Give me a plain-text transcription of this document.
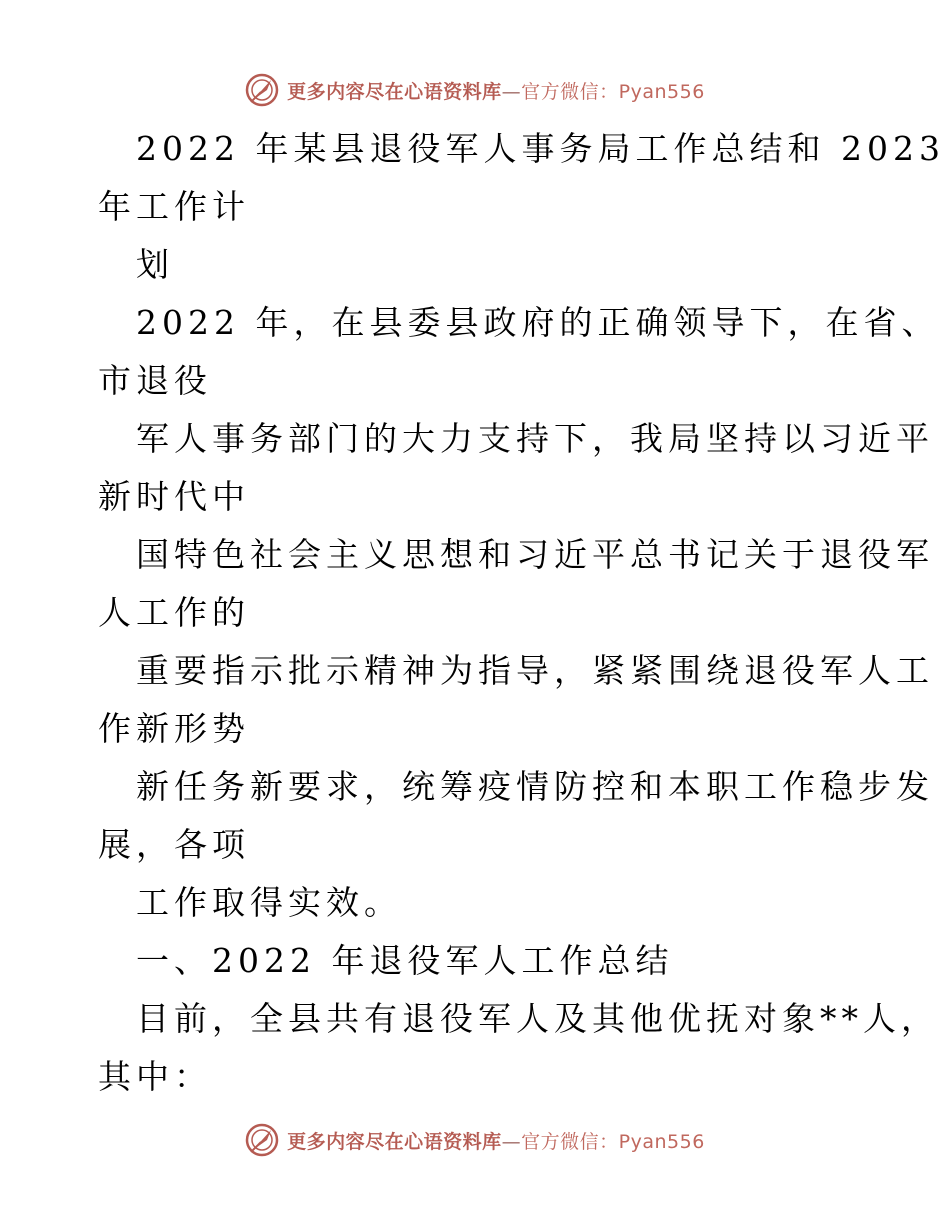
更多内容尽在心语资料库—官方微信：Pyan556
2022 年某县退役军人事务局工作总结和 2023
年工作计
划
2022 年，在县委县政府的正确领导下，在省、
市退役
军人事务部门的大力支持下，我局坚持以习近平
新时代中
国特色社会主义思想和习近平总书记关于退役军
人工作的
重要指示批示精神为指导，紧紧围绕退役军人工
作新形势
新任务新要求，统筹疫情防控和本职工作稳步发
展，各项
工作取得实效。
一、2022 年退役军人工作总结
目前，全县共有退役军人及其他优抚对象**人，
其中：
更多内容尽在心语资料库—官方微信：Pyan556
